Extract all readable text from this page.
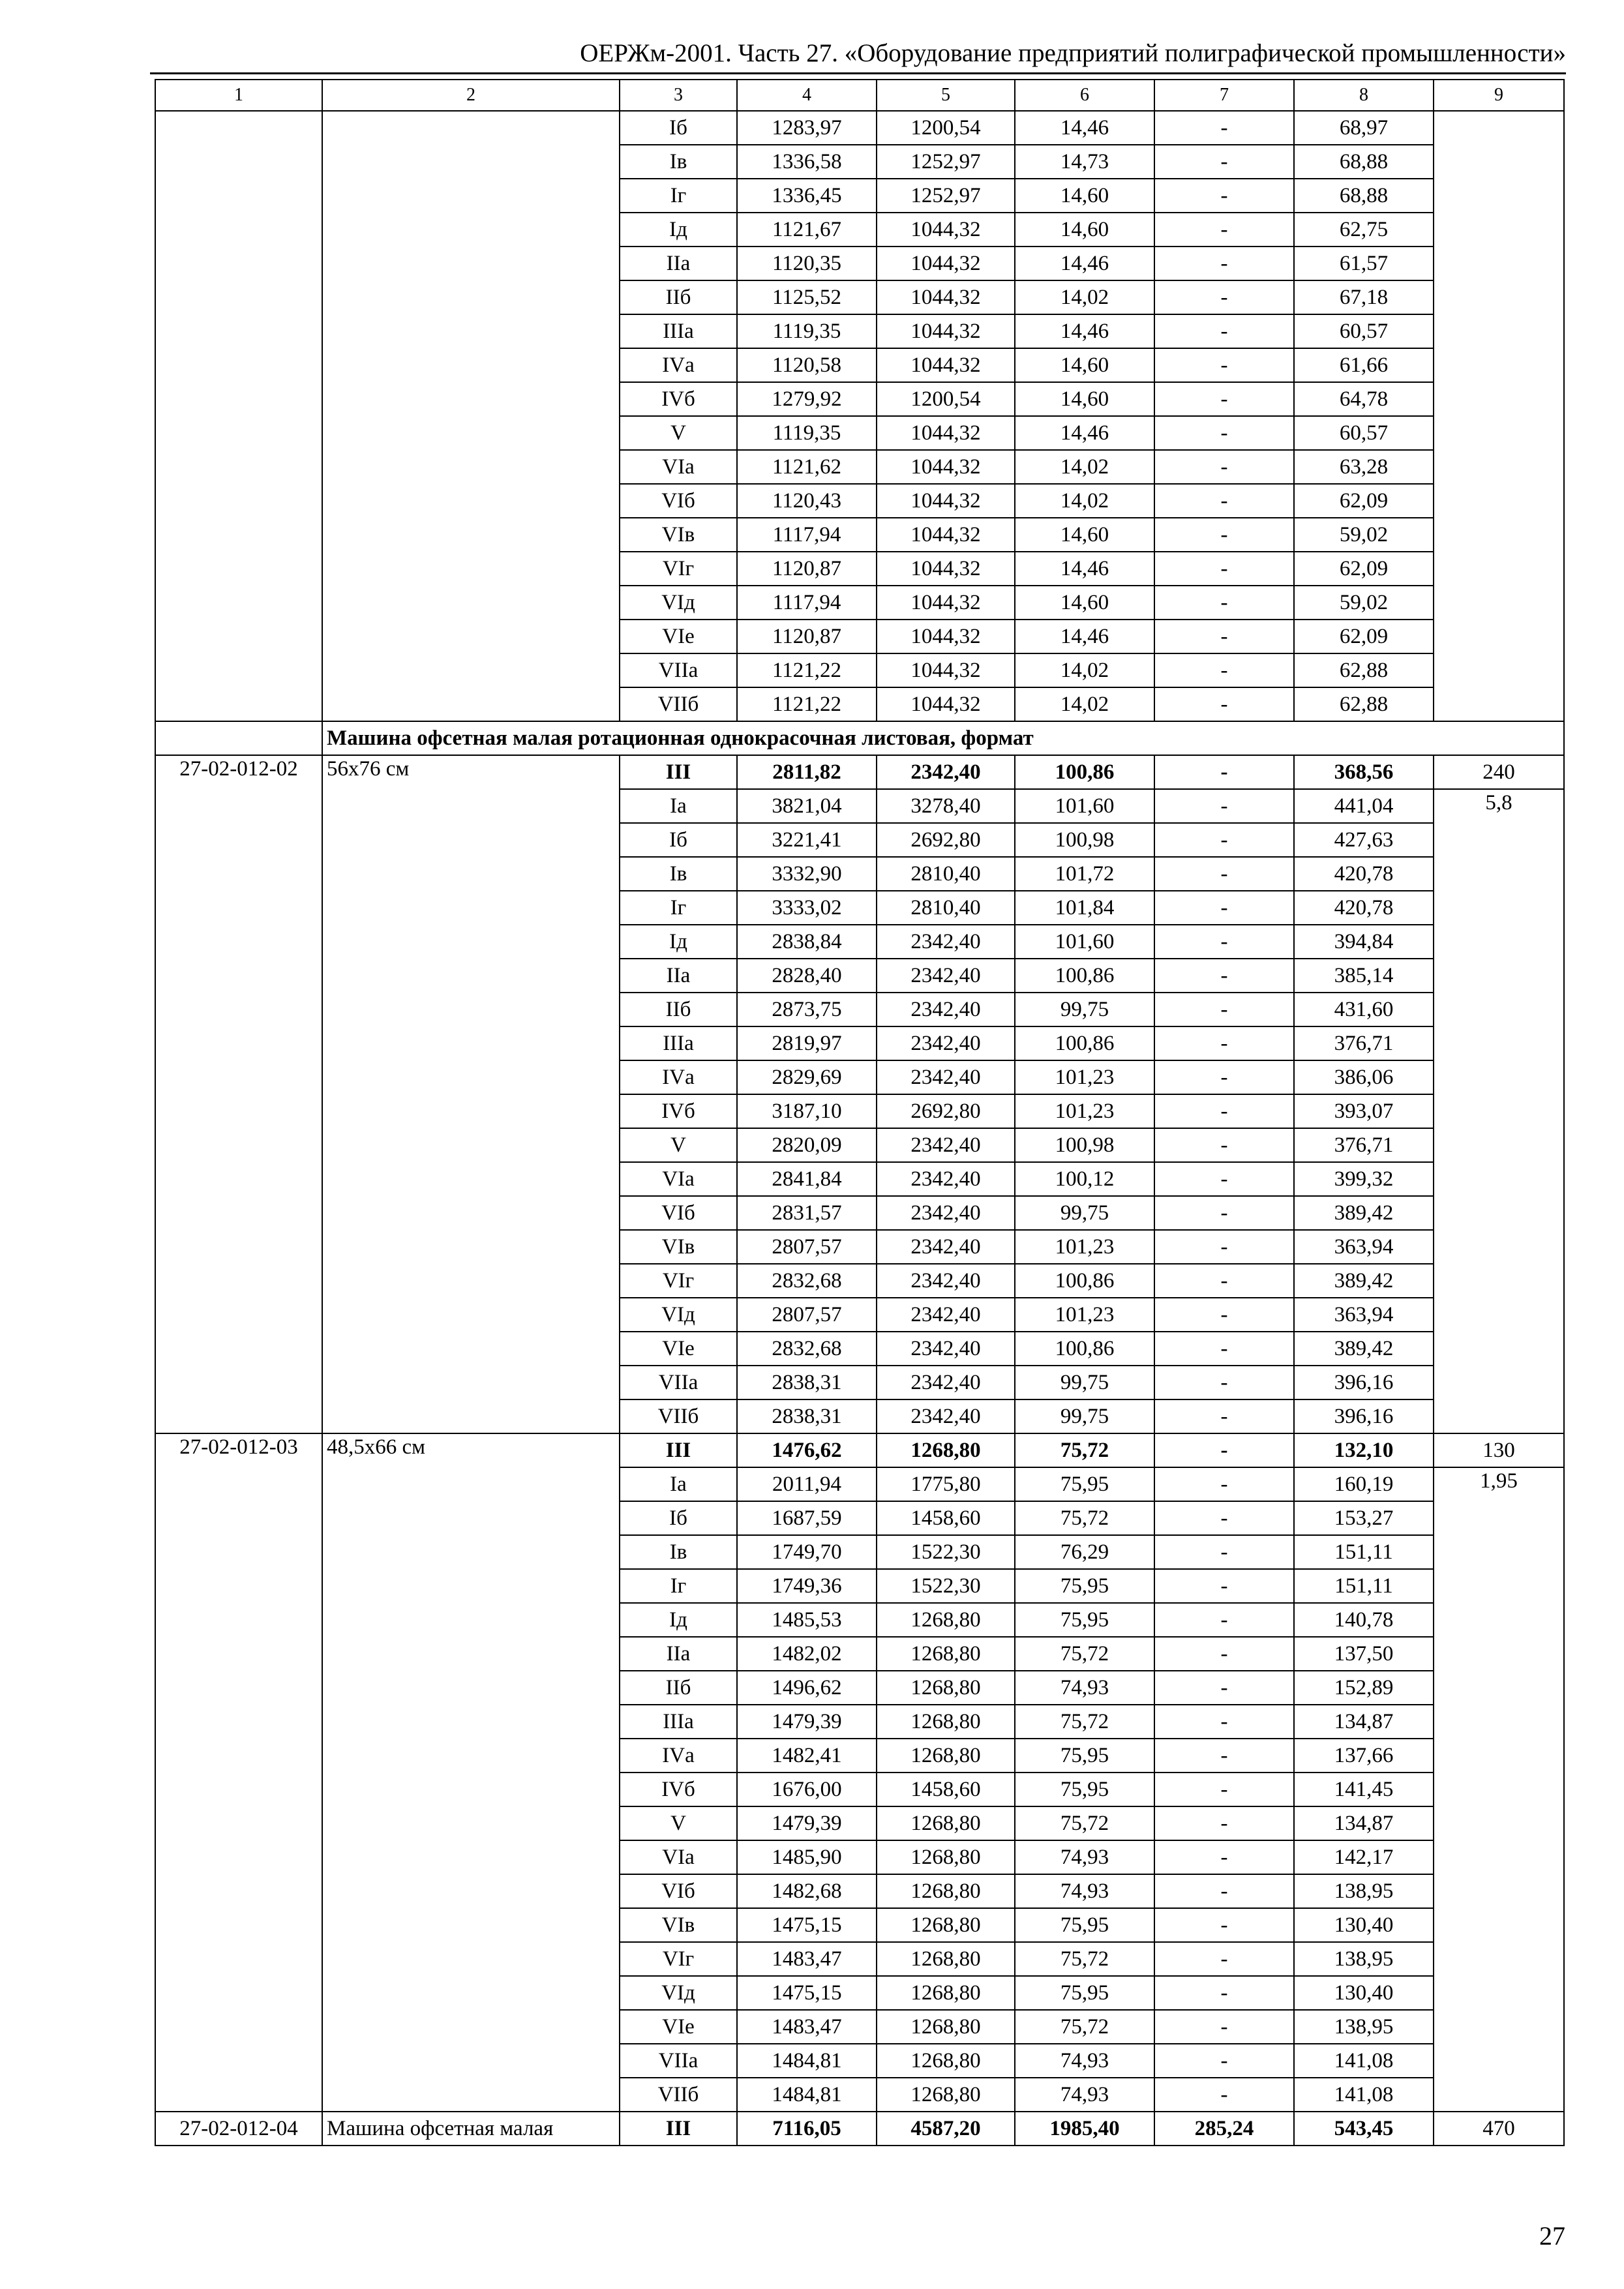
ОЕРЖм-2001. Часть 27. «Оборудование предприятий полиграфической промышленности»
1	2	3	4	5	6	7	8	9
		Iб	1283,97	1200,54	14,46	-	68,97	
		Iв	1336,58	1252,97	14,73	-	68,88	
		Iг	1336,45	1252,97	14,60	-	68,88	
		Iд	1121,67	1044,32	14,60	-	62,75	
		IIа	1120,35	1044,32	14,46	-	61,57	
		IIб	1125,52	1044,32	14,02	-	67,18	
		IIIа	1119,35	1044,32	14,46	-	60,57	
		IVа	1120,58	1044,32	14,60	-	61,66	
		IVб	1279,92	1200,54	14,60	-	64,78	
		V	1119,35	1044,32	14,46	-	60,57	
		VIа	1121,62	1044,32	14,02	-	63,28	
		VIб	1120,43	1044,32	14,02	-	62,09	
		VIв	1117,94	1044,32	14,60	-	59,02	
		VIг	1120,87	1044,32	14,46	-	62,09	
		VIд	1117,94	1044,32	14,60	-	59,02	
		VIе	1120,87	1044,32	14,46	-	62,09	
		VIIа	1121,22	1044,32	14,02	-	62,88	
		VIIб	1121,22	1044,32	14,02	-	62,88	
	Машина офсетная малая ротационная однокрасочная листовая, формат							
27-02-012-02	56х76 см	III	2811,82	2342,40	100,86	-	368,56	240
		Iа	3821,04	3278,40	101,60	-	441,04	5,8
		Iб	3221,41	2692,80	100,98	-	427,63	
		Iв	3332,90	2810,40	101,72	-	420,78	
		Iг	3333,02	2810,40	101,84	-	420,78	
		Iд	2838,84	2342,40	101,60	-	394,84	
		IIа	2828,40	2342,40	100,86	-	385,14	
		IIб	2873,75	2342,40	99,75	-	431,60	
		IIIа	2819,97	2342,40	100,86	-	376,71	
		IVа	2829,69	2342,40	101,23	-	386,06	
		IVб	3187,10	2692,80	101,23	-	393,07	
		V	2820,09	2342,40	100,98	-	376,71	
		VIа	2841,84	2342,40	100,12	-	399,32	
		VIб	2831,57	2342,40	99,75	-	389,42	
		VIв	2807,57	2342,40	101,23	-	363,94	
		VIг	2832,68	2342,40	100,86	-	389,42	
		VIд	2807,57	2342,40	101,23	-	363,94	
		VIе	2832,68	2342,40	100,86	-	389,42	
		VIIа	2838,31	2342,40	99,75	-	396,16	
		VIIб	2838,31	2342,40	99,75	-	396,16	
27-02-012-03	48,5х66 см	III	1476,62	1268,80	75,72	-	132,10	130
		Iа	2011,94	1775,80	75,95	-	160,19	1,95
		Iб	1687,59	1458,60	75,72	-	153,27	
		Iв	1749,70	1522,30	76,29	-	151,11	
		Iг	1749,36	1522,30	75,95	-	151,11	
		Iд	1485,53	1268,80	75,95	-	140,78	
		IIа	1482,02	1268,80	75,72	-	137,50	
		IIб	1496,62	1268,80	74,93	-	152,89	
		IIIа	1479,39	1268,80	75,72	-	134,87	
		IVа	1482,41	1268,80	75,95	-	137,66	
		IVб	1676,00	1458,60	75,95	-	141,45	
		V	1479,39	1268,80	75,72	-	134,87	
		VIа	1485,90	1268,80	74,93	-	142,17	
		VIб	1482,68	1268,80	74,93	-	138,95	
		VIв	1475,15	1268,80	75,95	-	130,40	
		VIг	1483,47	1268,80	75,72	-	138,95	
		VIд	1475,15	1268,80	75,95	-	130,40	
		VIе	1483,47	1268,80	75,72	-	138,95	
		VIIа	1484,81	1268,80	74,93	-	141,08	
		VIIб	1484,81	1268,80	74,93	-	141,08	
27-02-012-04	Машина офсетная малая	III	7116,05	4587,20	1985,40	285,24	543,45	470
27
